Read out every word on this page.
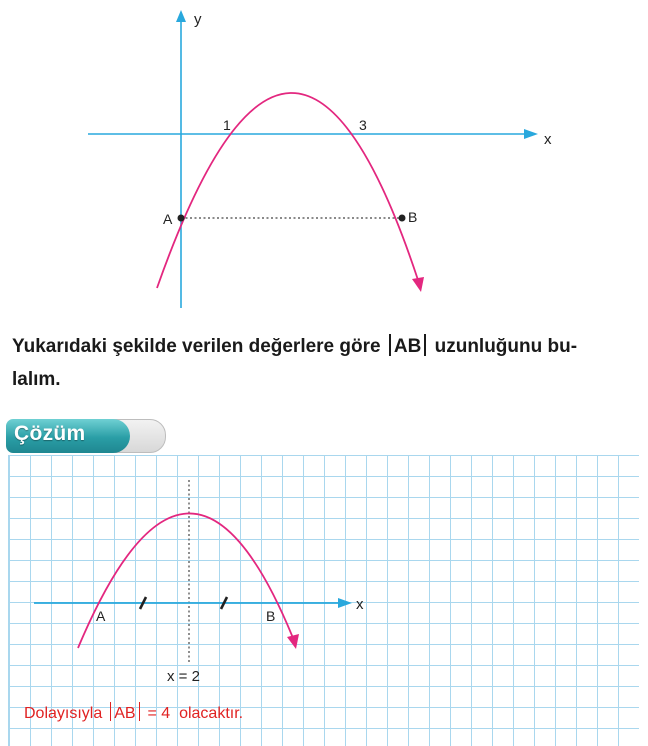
y
x
1	3
A	B
Yukarıdaki şekilde verilen değerlere göre AB uzunluğunu bu-
lalım.
Çözüm
x
A	B
x = 2
Dolayısıyla AB = 4 olacaktır.
